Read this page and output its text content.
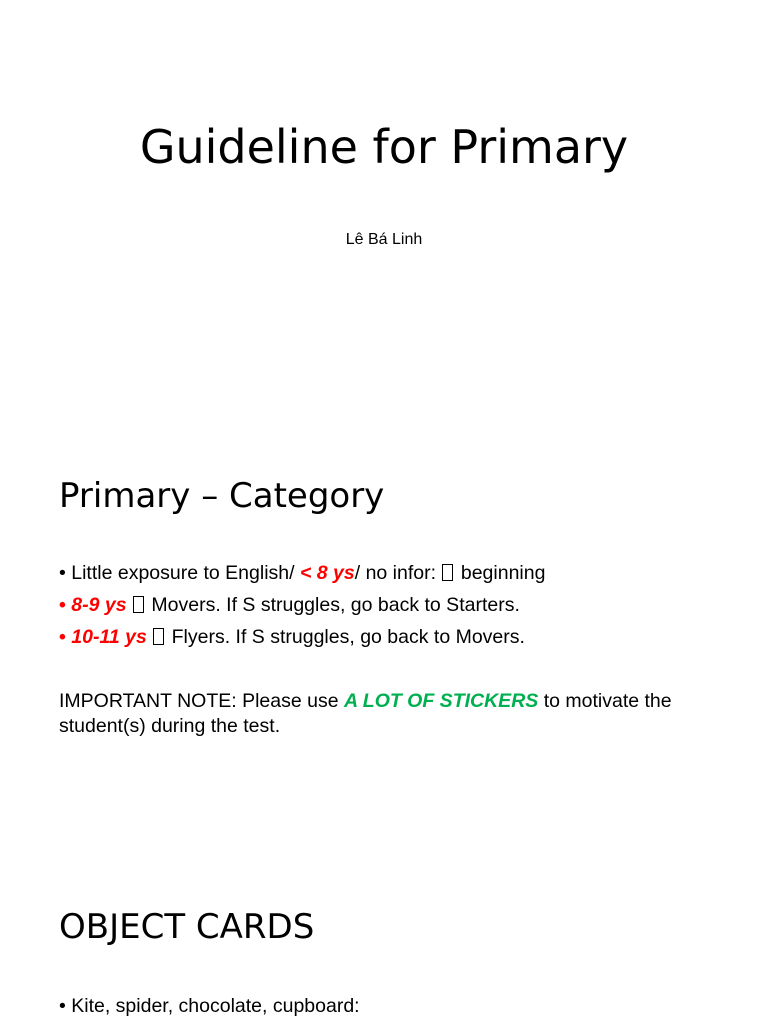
Guideline for Primary
Lê Bá Linh
Primary – Category
• Little exposure to English/ < 8 ys/ no infor:  beginning
• 8-9 ys  Movers. If S struggles, go back to Starters.
• 10-11 ys  Flyers. If S struggles, go back to Movers.
IMPORTANT NOTE: Please use A LOT OF STICKERS to motivate the student(s) during the test.
OBJECT CARDS
• Kite, spider, chocolate, cupboard:
